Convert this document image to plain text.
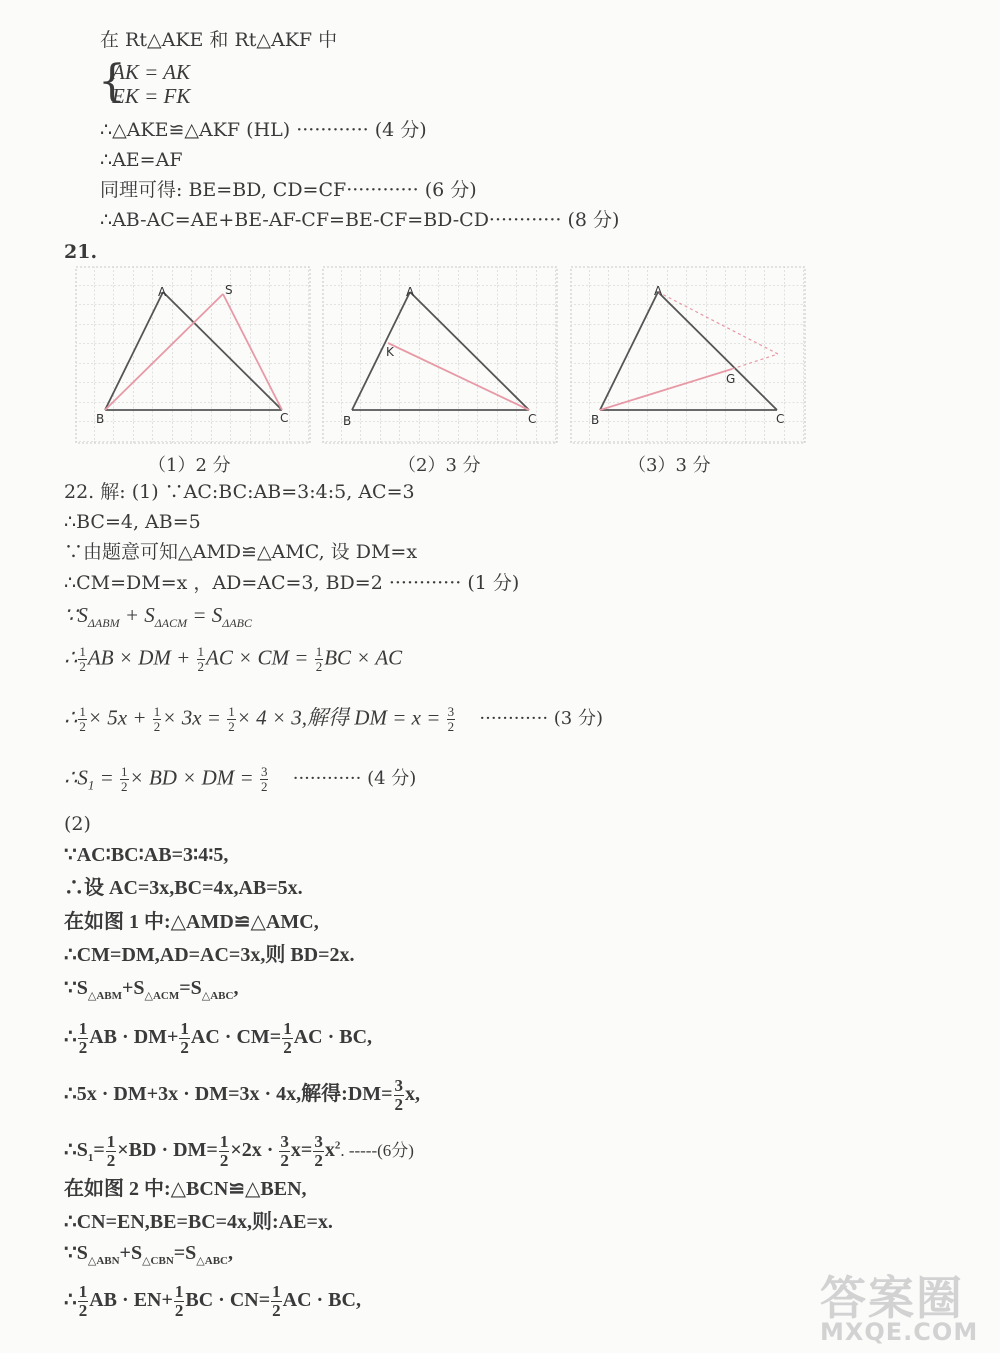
在 Rt△AKE 和 Rt△AKF 中
{
AK = AK
EK = FK
∴△AKE≌△AKF (HL) ············ (4 分)
∴AE=AF
同理可得: BE=BD, CD=CF············ (6 分)
∴AB-AC=AE+BE-AF-CF=BE-CF=BD-CD············ (8 分)
21.
A	S
B	C
A
K
B	C
A
G
B	C
（1）2 分	（2）3 分	（3）3 分
22. 解: (1) ∵AC:BC:AB=3:4:5, AC=3
∴BC=4, AB=5
∵由题意可知△AMD≌△AMC, 设 DM=x
∴CM=DM=x ，AD=AC=3, BD=2 ············ (1 分)
$\because S_{\Delta ABM} + S_{\Delta ACM} = S_{\Delta ABC}$
∴ $\frac{1}{2}$ AB × DM + $\frac{1}{2}$ AC × CM = $\frac{1}{2}$ BC × AC
∴ $\frac{1}{2} \times 5x + \frac{1}{2} \times 3x = \frac{1}{2} \times 4 \times 3$,解得 DM = $x = \frac{3}{2}$ ············ (3 分)
$\therefore S_1 = \frac{1}{2}$ × BD × DM = $\frac{3}{2}$ ············ (4 分)
(2)
∵AC∶BC∶AB=3∶4∶5,
∴设 AC=3x,BC=4x,AB=5x.
在如图 1 中:△AMD≌△AMC,
∴CM=DM,AD=AC=3x,则 BD=2x.
$\because S_{\triangle ABM}+S_{\triangle ACM}=S_{\triangle ABC}$,
∴ $\frac{1}{2}$ AB · $DM+ \frac{1}{2}$ AC · $CM= \frac{1}{2}$ AC · BC,
∴5x · DM+3x · DM=3x · 4x,解得:DM= $\frac{3}{2} x$,
$\therefore S_1= \frac{1}{2} \times BD \cdot DM= \frac{1}{2} \times 2x \cdot \frac{3}{2} x= \frac{3}{2} x^2$. -----(6分)
在如图 2 中:△BCN≌△BEN,
∴CN=EN,BE=BC=4x,则:AE=x.
$\because S_{\triangle ABN}+S_{\triangle CBN}=S_{\triangle ABC}$,
∴ $\frac{1}{2}$ AB · $EN+ \frac{1}{2}$ BC · $CN= \frac{1}{2}$ AC · BC,	答案圈
MXQE.COM
